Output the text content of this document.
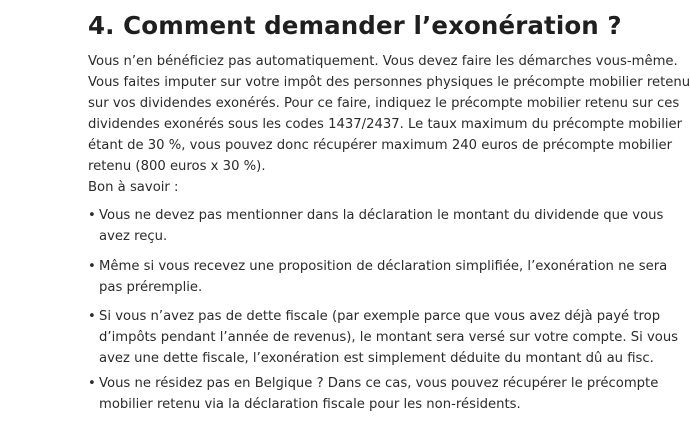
4. Comment demander l’exonération ?

Vous n’en bénéficiez pas automatiquement. Vous devez faire les démarches vous-même.
Vous faites imputer sur votre impôt des personnes physiques le précompte mobilier retenu
sur vos dividendes exonérés. Pour ce faire, indiquez le précompte mobilier retenu sur ces
dividendes exonérés sous les codes 1437/2437. Le taux maximum du précompte mobilier
étant de 30 %, vous pouvez donc récupérer maximum 240 euros de précompte mobilier
retenu (800 euros x 30 %).

Bon à savoir :

• Vous ne devez pas mentionner dans la déclaration le montant du dividende que vous
avez reçu.
• Même si vous recevez une proposition de déclaration simplifiée, l’exonération ne sera
pas préremplie.
• Si vous n’avez pas de dette fiscale (par exemple parce que vous avez déjà payé trop
d’impôts pendant l’année de revenus), le montant sera versé sur votre compte. Si vous
avez une dette fiscale, l’exonération est simplement déduite du montant dû au fisc.
• Vous ne résidez pas en Belgique ? Dans ce cas, vous pouvez récupérer le précompte
mobilier retenu via la déclaration fiscale pour les non-résidents.
